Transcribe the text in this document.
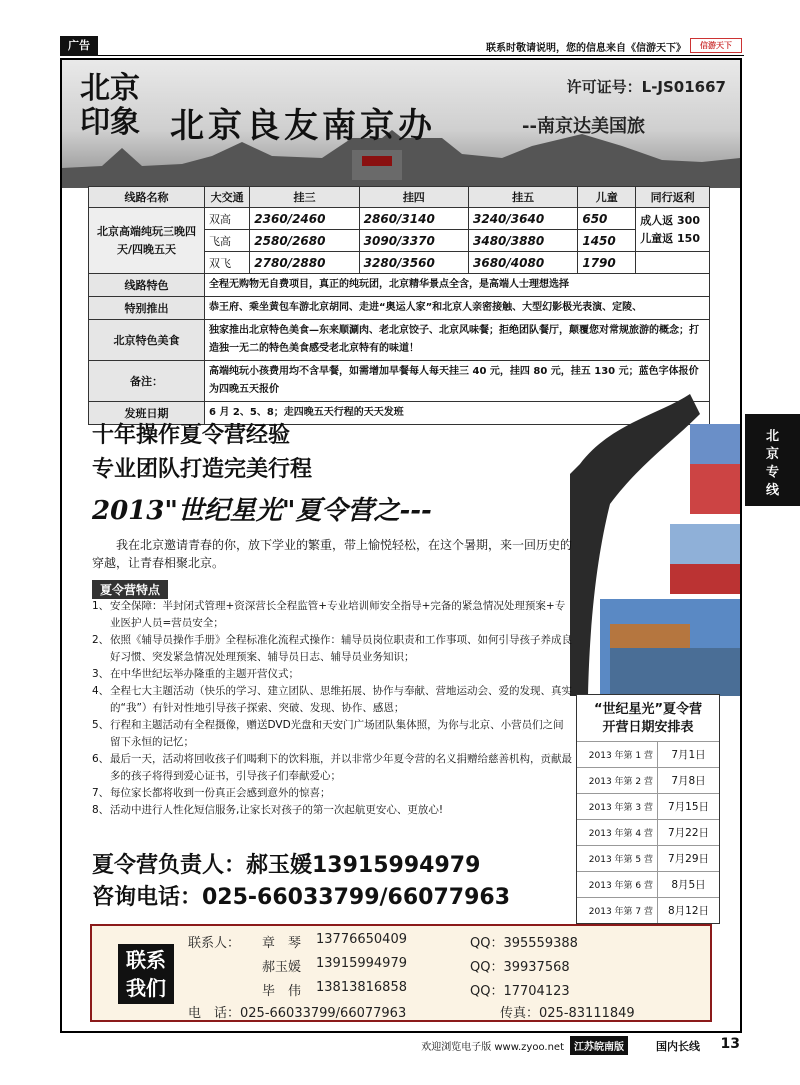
广告	联系时敬请说明，您的信息来自《信游天下》	信游天下
北京
印象
许可证号：L-JS01667
北京良友南京办	--南京达美国旅
线路名称	大交通	挂三	挂四	挂五	儿童	同行返利
北京高端纯玩三晚四天/四晚五天	双高	2360/2460	2860/3140	3240/3640	650	成人返 300
儿童返 150

	飞高	2580/2680	3090/3370	3480/3880	1450	
	双飞	2780/2880	3280/3560	3680/4080	1790	
线路特色	全程无购物无自费项目，真正的纯玩团，北京精华景点全含，是高端人士理想选择					
特别推出	恭王府、乘坐黄包车游北京胡同、走进“奥运人家”和北京人亲密接触、大型幻影极光表演、定陵、					
北京特色美食	独家推出北京特色美食—东来顺涮肉、老北京饺子、北京风味餐；拒绝团队餐厅，颠覆您对常规旅游的概念；打造独一无二的特色美食感受老北京特有的味道！					
备注：	高端纯玩小孩费用均不含早餐，如需增加早餐每人每天挂三 40 元，挂四 80 元，挂五 130 元；蓝色字体报价为四晚五天报价					
发班日期	6 月 2、5、8；走四晚五天行程的天天发班					
北
京专线
十年操作夏令营经验
专业团队打造完美行程
2013"世纪星光"夏令营之---
我在北京邀请青春的你，放下学业的繁重，带上愉悦轻松，在这个暑期，来一回历史的穿越，让青春相聚北京。
夏令营特点
1、 安全保障：半封闭式管理+资深营长全程监管+专业培训师安全指导+完备的紧急情况处理预案+专业医护人员=营员安全；
2、 依照《辅导员操作手册》全程标准化流程式操作：辅导员岗位职责和工作事项、如何引导孩子养成良好习惯、突发紧急情况处理预案、辅导员日志、辅导员业务知识；
3、 在中华世纪坛举办隆重的主题开营仪式；
4、 全程七大主题活动（快乐的学习、建立团队、思维拓展、协作与奉献、营地运动会、爱的发现、真实的“我”）有针对性地引导孩子探索、突破、发现、协作、感恩；
5、 行程和主题活动有全程摄像，赠送DVD光盘和天安门广场团队集体照，为你与北京、小营员们之间留下永恒的记忆；
6、 最后一天，活动将回收孩子们喝剩下的饮料瓶，并以非常少年夏令营的名义捐赠给慈善机构，贡献最多的孩子将得到爱心证书，引导孩子们奉献爱心；
7、 每位家长都将收到一份真正会感到意外的惊喜；
8、 活动中进行人性化短信服务,让家长对孩子的第一次起航更安心、更放心!
“世纪星光”夏令营
开营日期安排表
2013 年第 1 营	7月1日
2013 年第 2 营	7月8日
2013 年第 3 营	7月15日
2013 年第 4 营	7月22日
2013 年第 5 营	7月29日
2013 年第 6 营	8月5日
2013 年第 7 营	8月12日
夏令营负责人：郝玉媛13915994979
咨询电话：025-66033799/66077963
联系
我们
联系人： 章　琴 13776650409	QQ：395559388
郝玉媛 13915994979	QQ：39937568
毕　伟 13813816858	QQ：17704123
电　话：025-66033799/66077963	传真：025-83111849
欢迎浏览电子版 www.zyoo.net	江苏皖南版	国内长线 13
